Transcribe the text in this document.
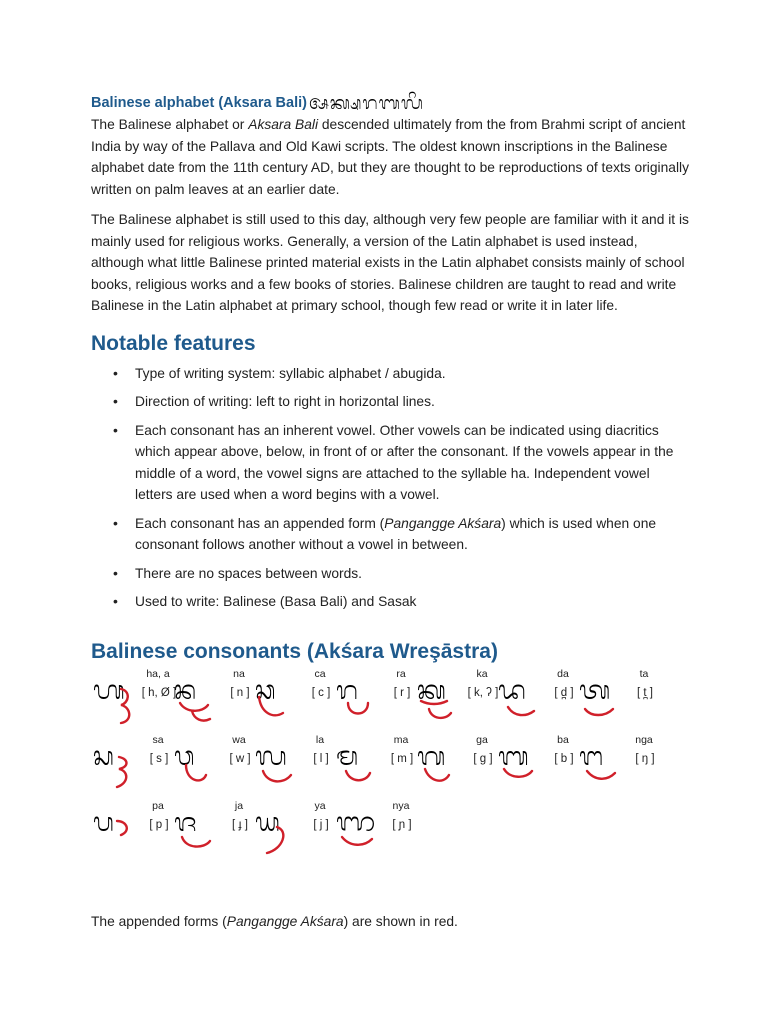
Balinese alphabet (Aksara Bali) ᬅᬓ᭄ᬱᬭᬩᬮᬶ

The Balinese alphabet or Aksara Bali descended ultimately from the from Brahmi script of ancient India by way of the Pallava and Old Kawi scripts. The oldest known inscriptions in the Balinese alphabet date from the 11th century AD, but they are thought to be reproductions of texts originally written on palm leaves at an earlier date.

The Balinese alphabet is still used to this day, although very few people are familiar with it and it is mainly used for religious works. Generally, a version of the Latin alphabet is used instead, although what little Balinese printed material exists in the Latin alphabet consists mainly of school books, religious works and a few books of stories. Balinese children are taught to read and write Balinese in the Latin alphabet at primary school, though few read or write it in later life.

Notable features
• Type of writing system: syllabic alphabet / abugida.
• Direction of writing: left to right in horizontal lines.
• Each consonant has an inherent vowel. Other vowels can be indicated using diacritics which appear above, below, in front of or after the consonant. If the vowels appear in the middle of a word, the vowel signs are attached to the syllable ha. Independent vowel letters are used when a word begins with a vowel.
• Each consonant has an appended form (Pangangge Akśara) which is used when one consonant follows another without a vowel in between.
• There are no spaces between words.
• Used to write: Balinese (Basa Bali) and Sasak
Balinese consonants (Akśara Wreşāstra)
ᬳ
ha, a
[ h, Ø ]
ᬦ
na
[ n ] ᬘ
ca
[ c ] ᬭ
ra
[ r ] ᬓ
ka
[ k, ʔ ] ᬤ
da
[ d̪ ] ᬢ
ta
[ t̪ ]
ᬲ
sa
[ s ] ᬯ
wa
[ w ] ᬮ
la
[ l ] ᬫ
ma
[ m ] ᬕ
ga
[ g ] ᬩ
ba
[ b ] ᬗ
nga
[ ŋ ]
ᬧ
pa
[ p ] ᬚ
ja
[ ɟ ] ᬬ
ya
[ j ] ᬜ
nya
[ ɲ ]
The appended forms (Pangangge Akśara) are shown in red.
